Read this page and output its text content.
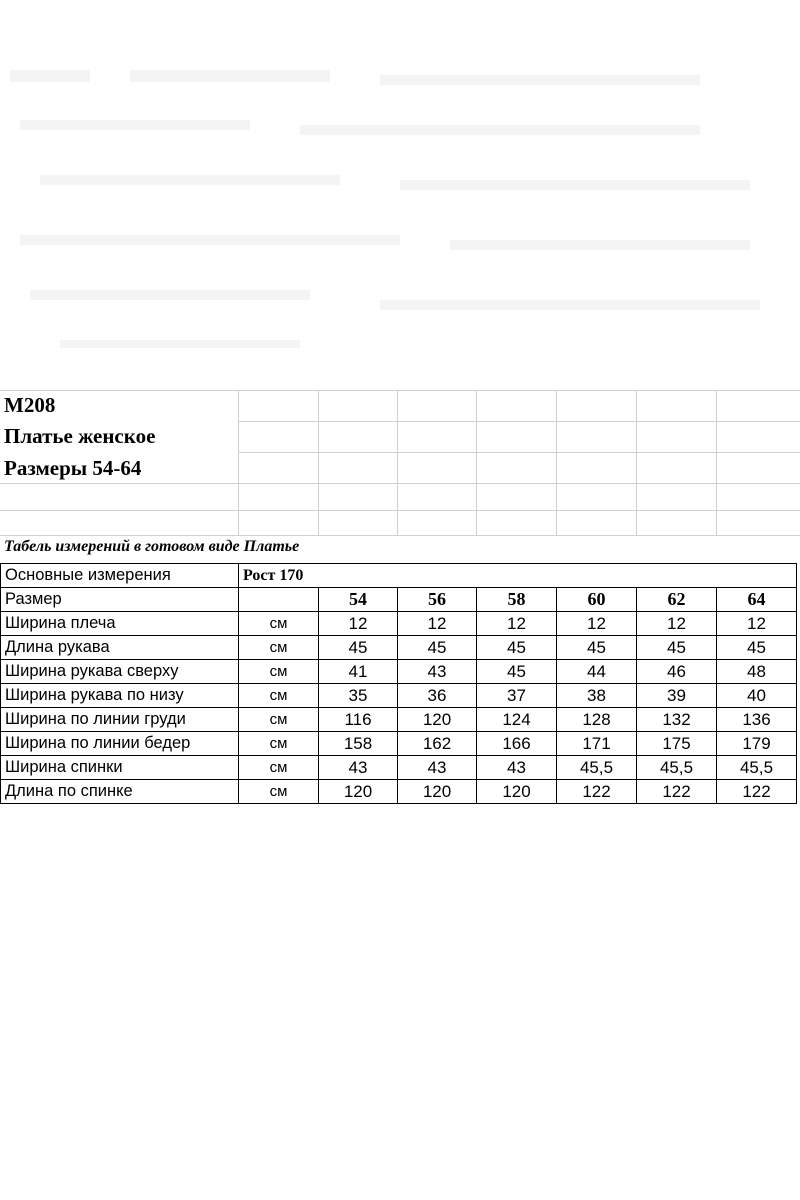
M208
Платье женское
Размеры 54-64
Табель измерений в готовом виде Платье
Основные измерения	Рост 170						
Размер		54	56	58	60	62	64
Ширина плеча	см	12	12	12	12	12	12
Длина рукава	см	45	45	45	45	45	45
Ширина рукава сверху	см	41	43	45	44	46	48
Ширина рукава по низу	см	35	36	37	38	39	40
Ширина по линии груди	см	116	120	124	128	132	136
Ширина по линии бедер	см	158	162	166	171	175	179
Ширина спинки	см	43	43	43	45,5	45,5	45,5
Длина по спинке	см	120	120	120	122	122	122
